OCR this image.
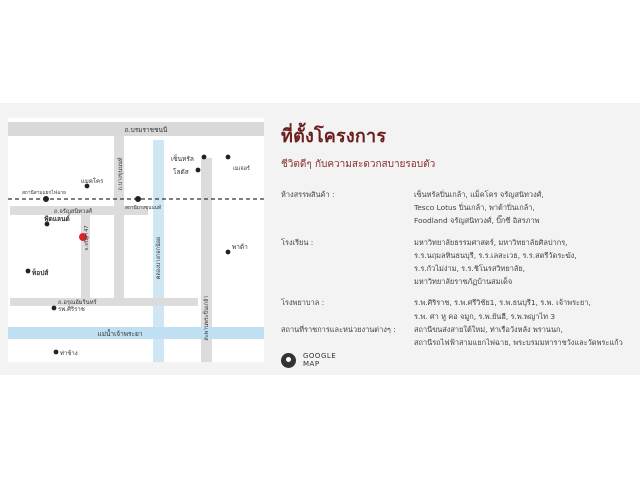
ถ.บรมราชชนนี
ถ.บางขุนนนท์
ถ.จรัญสนิทวงศ์
จ.จรัญฯ 47
ถ.อรุณอัมรินทร์
แม่น้ำเจ้าพระยา
คลองบางกอกน้อย
สะพานพระปิ่นเกล้า
สถานีสามแยกไฟฉาย
สถานีบางขุนนนท์
เซ็นทรัล
โลตัส	เมเจอร์
แมคโคร
ฟู้ดแลนด์
ท็อปส์
พาต้า
รพ.ศิริราช
ท่าช้าง
ที่ตั้งโครงการ
ชีวิตดีๆ กับความสะดวกสบายรอบตัว
ห้างสรรพสินค้า :	เซ็นทรัลปิ่นเกล้า, แม็คโคร จรัญสนิทวงศ์,
Tesco Lotus ปิ่นเกล้า, พาต้าปิ่นเกล้า,
Foodland จรัญสนิทวงศ์, บิ๊กซี อิสรภาพ
โรงเรียน :	มหาวิทยาลัยธรรมศาสตร์, มหาวิทยาลัยศิลปากร,
ร.ร.นฤมลทินธนบุรี, ร.ร.เลสะเวธ, ร.ร.สตรีวัดระฆัง,
ร.ร.กัวไม่ง่าม, ร.ร.ชิโนรสวิทยาลัย,
มหาวิทยาลัยราชภัฏบ้านสมเด็จ
โรงพยาบาล :	ร.พ.ศิริราช, ร.พ.ศรีวิชัย1, ร.พ.ธนบุรี1, ร.พ. เจ้าพระยา,
ร.พ. ศา หู คอ จมูก, ร.พ.ยันฮี, ร.พ.พญาไท 3
สถานที่ราชการและหน่วยงานต่างๆ :	สถานีขนส่งสายใต้ใหม่, ท่าเรือวังหลัง พรานนก,
สถานีรถไฟฟ้าสามแยกไฟฉาย, พระบรมมหาราชวังและวัดพระแก้ว
GOOGLE
MAP
